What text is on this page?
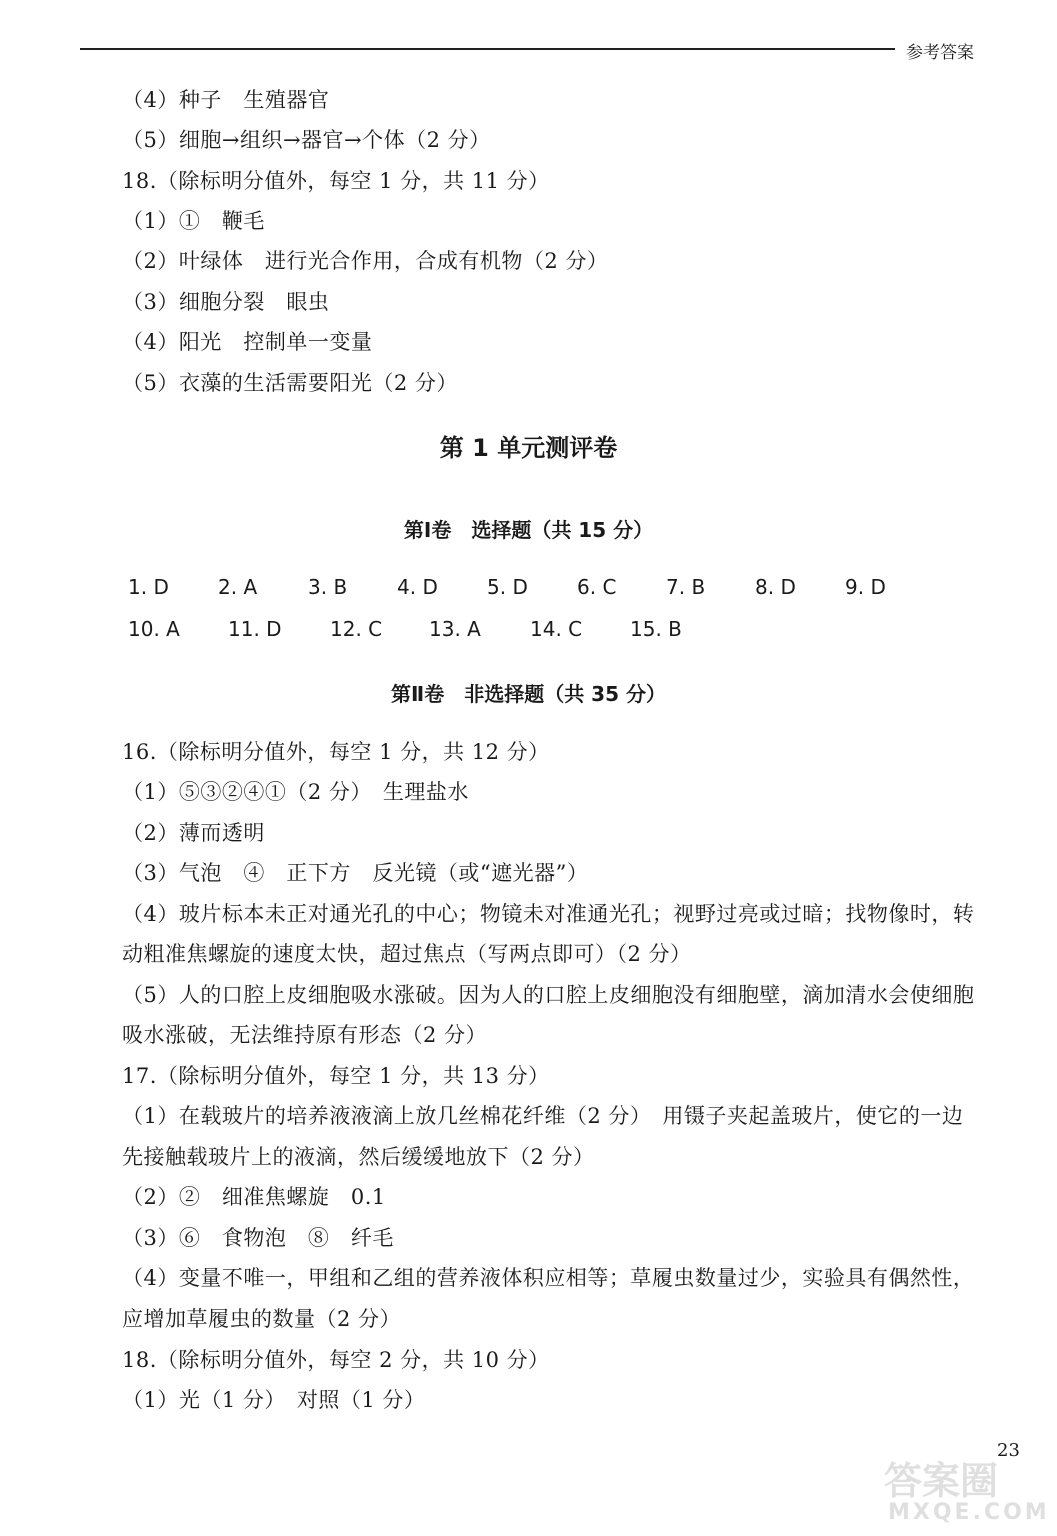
参考答案
（4）种子　生殖器官
（5）细胞→组织→器官→个体（2 分）
18.（除标明分值外，每空 1 分，共 11 分）
（1）①　鞭毛
（2）叶绿体　进行光合作用，合成有机物（2 分）
（3）细胞分裂　眼虫
（4）阳光　控制单一变量
（5）衣藻的生活需要阳光（2 分）
第 1 单元测评卷
第Ⅰ卷　选择题（共 15 分）
1. D 2. A	3. B 4. D 5. D 6. C 7. B 8. D 9. D
10. A 11. D 12. C 13. A 14. C 15. B
第Ⅱ卷　非选择题（共 35 分）
16.（除标明分值外，每空 1 分，共 12 分）
（1）⑤③②④①（2 分）　生理盐水
（2）薄而透明
（3）气泡　④　正下方　反光镜（或“遮光器”）
（4）玻片标本未正对通光孔的中心；物镜未对准通光孔；视野过亮或过暗；找物像时，转
动粗准焦螺旋的速度太快，超过焦点（写两点即可）（2 分）
（5）人的口腔上皮细胞吸水涨破。因为人的口腔上皮细胞没有细胞壁，滴加清水会使细胞
吸水涨破，无法维持原有形态（2 分）
17.（除标明分值外，每空 1 分，共 13 分）
（1）在载玻片的培养液液滴上放几丝棉花纤维（2 分）　用镊子夹起盖玻片，使它的一边
先接触载玻片上的液滴，然后缓缓地放下（2 分）
（2）②　细准焦螺旋　0.1
（3）⑥　食物泡　⑧　纤毛
（4）变量不唯一，甲组和乙组的营养液体积应相等；草履虫数量过少，实验具有偶然性，
应增加草履虫的数量（2 分）
18.（除标明分值外，每空 2 分，共 10 分）
（1）光（1 分）　对照（1 分）
23
答案圈
MXQE.COM
